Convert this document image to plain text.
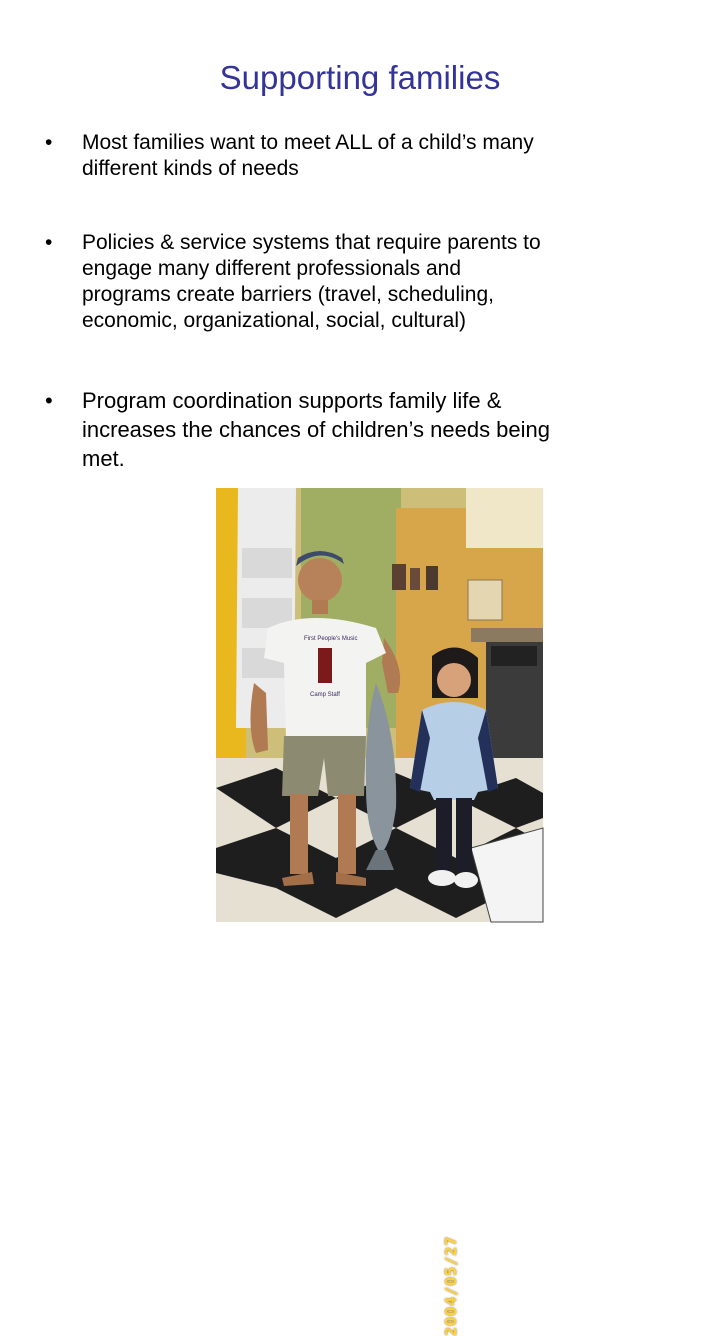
Supporting families
• Most families want to meet ALL of a child’s many
different kinds of needs
• Policies & service systems that require parents to
engage many different professionals and
programs create barriers (travel, scheduling,
economic, organizational, social, cultural)
• Program coordination supports family life &
increases the chances of children’s needs being
met.
First People's Music
Camp Staff
2004/05/27
